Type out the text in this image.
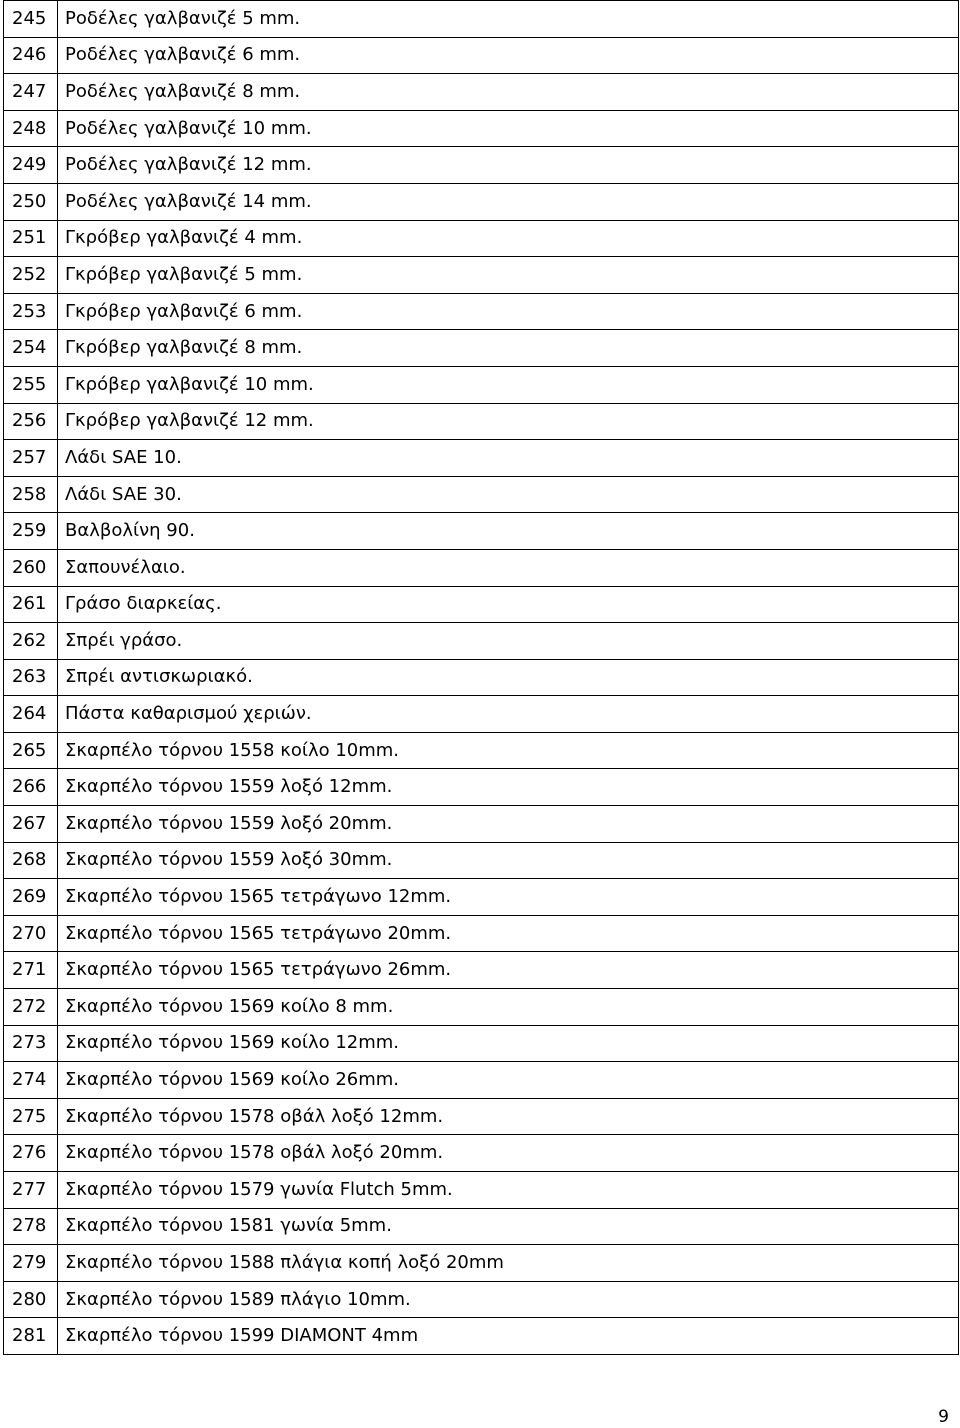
245	Ροδέλες γαλβανιζέ 5 mm.
246	Ροδέλες γαλβανιζέ 6 mm.
247	Ροδέλες γαλβανιζέ 8 mm.
248	Ροδέλες γαλβανιζέ 10 mm.
249	Ροδέλες γαλβανιζέ 12 mm.
250	Ροδέλες γαλβανιζέ 14 mm.
251	Γκρόβερ γαλβανιζέ 4 mm.
252	Γκρόβερ γαλβανιζέ 5 mm.
253	Γκρόβερ γαλβανιζέ 6 mm.
254	Γκρόβερ γαλβανιζέ 8 mm.
255	Γκρόβερ γαλβανιζέ 10 mm.
256	Γκρόβερ γαλβανιζέ 12 mm.
257	Λάδι SAE 10.
258	Λάδι SAE 30.
259	Βαλβολίνη 90.
260	Σαπουνέλαιο.
261	Γράσο διαρκείας.
262	Σπρέι γράσο.
263	Σπρέι αντισκωριακό.
264	Πάστα καθαρισμού χεριών.
265	Σκαρπέλο τόρνου 1558 κοίλο 10mm.
266	Σκαρπέλο τόρνου 1559 λοξό 12mm.
267	Σκαρπέλο τόρνου 1559 λοξό 20mm.
268	Σκαρπέλο τόρνου 1559 λοξό 30mm.
269	Σκαρπέλο τόρνου 1565 τετράγωνο 12mm.
270	Σκαρπέλο τόρνου 1565 τετράγωνο 20mm.
271	Σκαρπέλο τόρνου 1565 τετράγωνο 26mm.
272	Σκαρπέλο τόρνου 1569 κοίλο 8 mm.
273	Σκαρπέλο τόρνου 1569 κοίλο 12mm.
274	Σκαρπέλο τόρνου 1569 κοίλο 26mm.
275	Σκαρπέλο τόρνου 1578 οβάλ λοξό 12mm.
276	Σκαρπέλο τόρνου 1578 οβάλ λοξό 20mm.
277	Σκαρπέλο τόρνου 1579 γωνία Flutch 5mm.
278	Σκαρπέλο τόρνου 1581 γωνία 5mm.
279	Σκαρπέλο τόρνου 1588 πλάγια κοπή λοξό 20mm
280	Σκαρπέλο τόρνου 1589 πλάγιο 10mm.
281	Σκαρπέλο τόρνου 1599 DIAMONT 4mm
9
